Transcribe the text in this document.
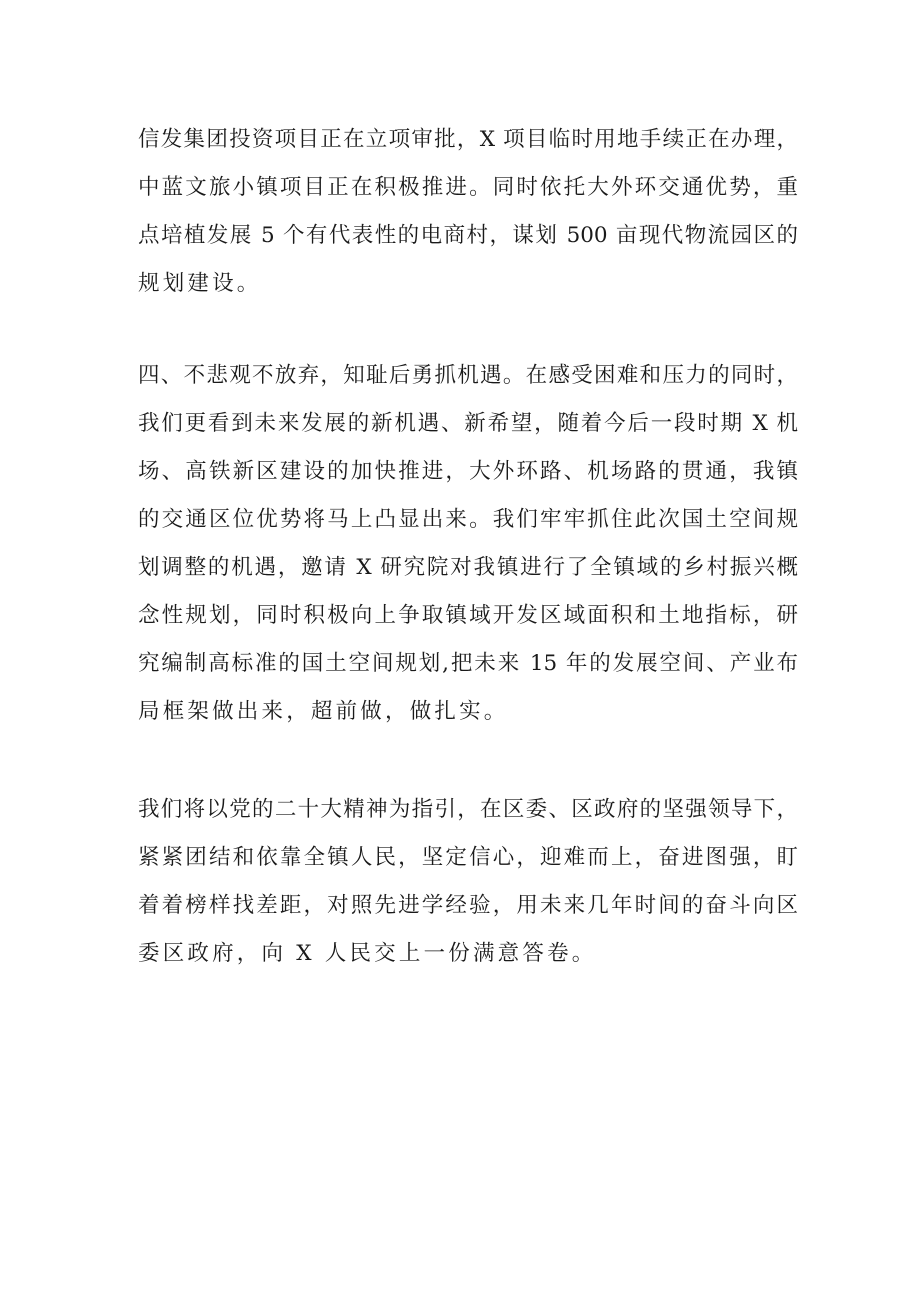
信发集团投资项目正在立项审批，X 项目临时用地手续正在办理，
中蓝文旅小镇项目正在积极推进。同时依托大外环交通优势，重
点培植发展 5 个有代表性的电商村，谋划 500 亩现代物流园区的
规划建设。

四、不悲观不放弃，知耻后勇抓机遇。在感受困难和压力的同时，
我们更看到未来发展的新机遇、新希望，随着今后一段时期 X 机
场、高铁新区建设的加快推进，大外环路、机场路的贯通，我镇
的交通区位优势将马上凸显出来。我们牢牢抓住此次国土空间规
划调整的机遇，邀请 X 研究院对我镇进行了全镇域的乡村振兴概
念性规划，同时积极向上争取镇域开发区域面积和土地指标，研
究编制高标准的国土空间规划,把未来 15 年的发展空间、产业布
局框架做出来，超前做，做扎实。

我们将以党的二十大精神为指引，在区委、区政府的坚强领导下，
紧紧团结和依靠全镇人民，坚定信心，迎难而上，奋进图强，盯
着着榜样找差距，对照先进学经验，用未来几年时间的奋斗向区
委区政府，向 X 人民交上一份满意答卷。
